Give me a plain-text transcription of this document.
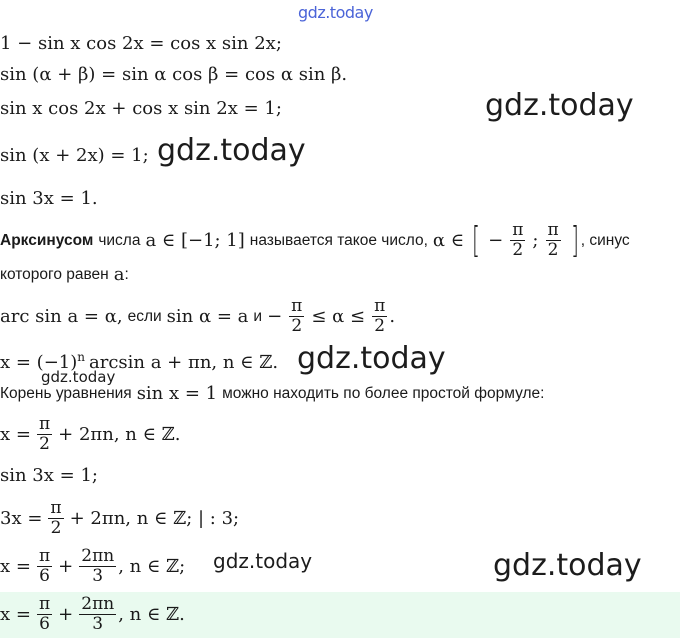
gdz.today
gdz.today
gdz.today
gdz.today
gdz.today
gdz.today	gdz.today
1 − sin x cos 2x = cos x sin 2x;
sin (α + β) = sin α cos β = cos α sin β.
sin x cos 2x + cos x sin 2x = 1;
sin (x + 2x) = 1;
sin 3x = 1.
Арксинусом числа a ∈ [−1; 1] называется такое число, α ∈ [ − $\frac{\pi}{2}$ ; $\frac{\pi}{2}$ ] , синус
которого равен a :
arc sin a = α, если sin α = a $и - \frac{\pi}{2} \le \alpha \le \frac{\pi}{2}$ .
$x = (-1)^n$ arcsin a + πn, n ∈ ℤ.
Корень уравнения sin x = 1 можно находить по более простой формуле:
$x = \frac{\pi}{2} + 2\pi n$, n ∈ ℤ.
sin 3x = 1;
$3x = \frac{\pi}{2} + 2\pi n$, n ∈ ℤ; | : 3;
$x = \frac{\pi}{6} + \frac{2\pi n}{3}$ , n ∈ ℤ;
$x = \frac{\pi}{6} + \frac{2\pi n}{3}$ , n ∈ ℤ.
